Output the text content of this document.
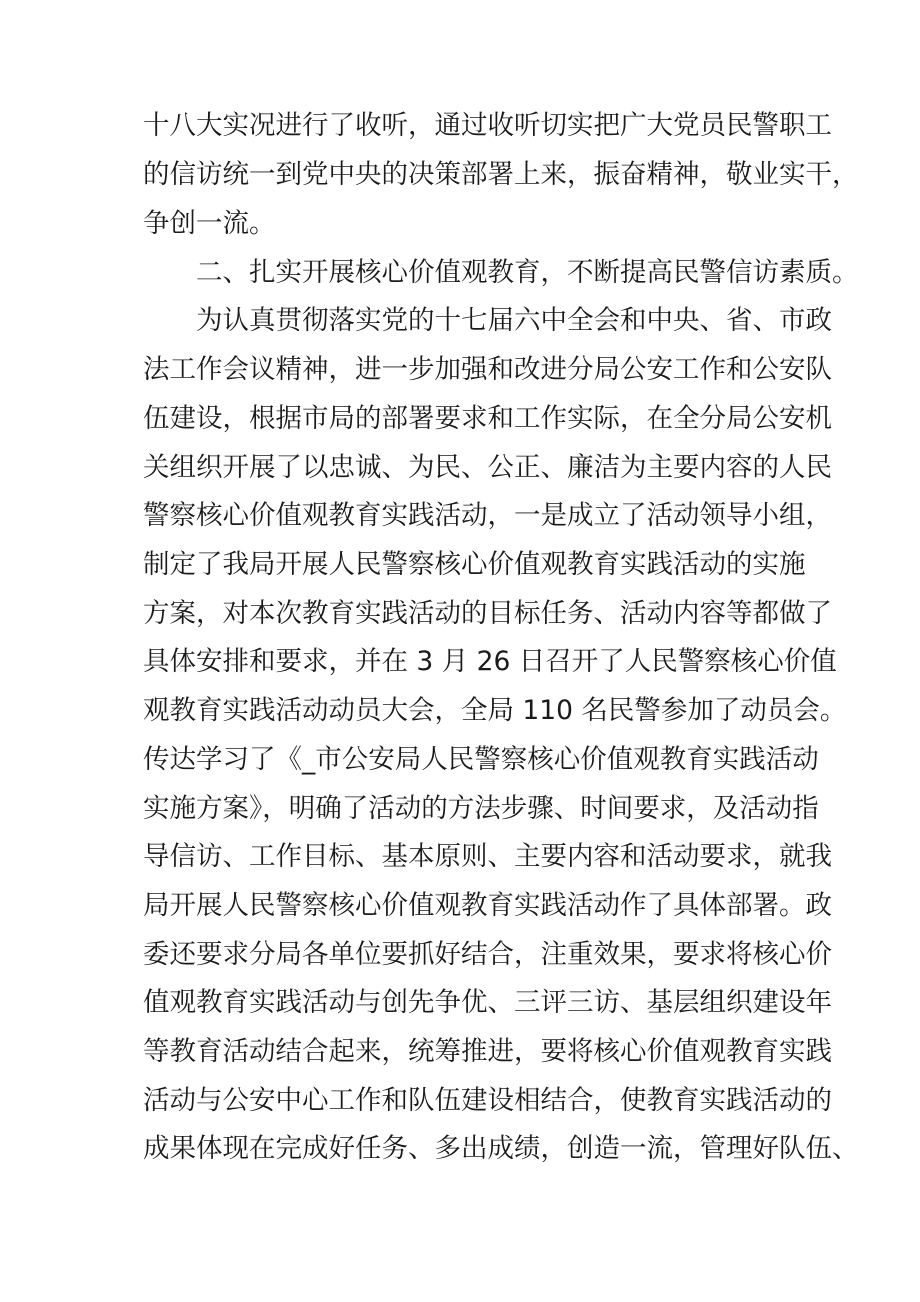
十八大实况进行了收听，通过收听切实把广大党员民警职工
的信访统一到党中央的决策部署上来，振奋精神，敬业实干，
争创一流。
二、扎实开展核心价值观教育，不断提高民警信访素质。
为认真贯彻落实党的十七届六中全会和中央、省、市政
法工作会议精神，进一步加强和改进分局公安工作和公安队
伍建设，根据市局的部署要求和工作实际，在全分局公安机
关组织开展了以忠诚、为民、公正、廉洁为主要内容的人民
警察核心价值观教育实践活动，一是成立了活动领导小组，
制定了我局开展人民警察核心价值观教育实践活动的实施
方案，对本次教育实践活动的目标任务、活动内容等都做了
具体安排和要求，并在 3 月 26 日召开了人民警察核心价值
观教育实践活动动员大会，全局 110 名民警参加了动员会。
传达学习了《_市公安局人民警察核心价值观教育实践活动
实施方案》，明确了活动的方法步骤、时间要求，及活动指
导信访、工作目标、基本原则、主要内容和活动要求，就我
局开展人民警察核心价值观教育实践活动作了具体部署。政
委还要求分局各单位要抓好结合，注重效果，要求将核心价
值观教育实践活动与创先争优、三评三访、基层组织建设年
等教育活动结合起来，统筹推进，要将核心价值观教育实践
活动与公安中心工作和队伍建设相结合，使教育实践活动的
成果体现在完成好任务、多出成绩，创造一流，管理好队伍、
